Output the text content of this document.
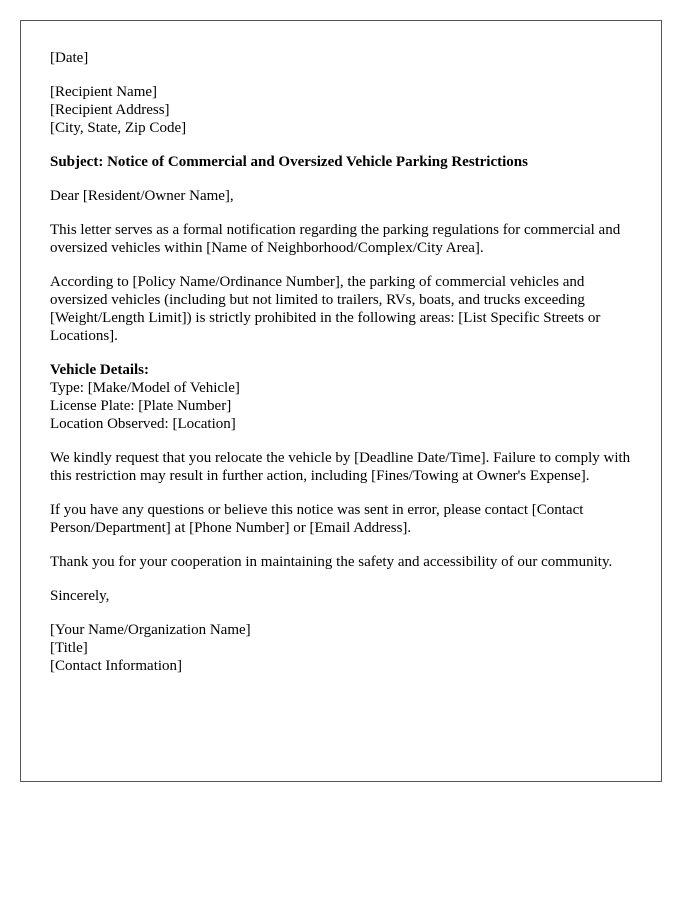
[Date]

[Recipient Name]
[Recipient Address]
[City, State, Zip Code]

Subject: Notice of Commercial and Oversized Vehicle Parking Restrictions

Dear [Resident/Owner Name],

This letter serves as a formal notification regarding the parking regulations for commercial and oversized vehicles within [Name of Neighborhood/Complex/City Area].

According to [Policy Name/Ordinance Number], the parking of commercial vehicles and oversized vehicles (including but not limited to trailers, RVs, boats, and trucks exceeding [Weight/Length Limit]) is strictly prohibited in the following areas: [List Specific Streets or Locations].

Vehicle Details:
Type: [Make/Model of Vehicle]
License Plate: [Plate Number]
Location Observed: [Location]

We kindly request that you relocate the vehicle by [Deadline Date/Time]. Failure to comply with this restriction may result in further action, including [Fines/Towing at Owner's Expense].

If you have any questions or believe this notice was sent in error, please contact [Contact Person/Department] at [Phone Number] or [Email Address].

Thank you for your cooperation in maintaining the safety and accessibility of our community.

Sincerely,

[Your Name/Organization Name]
[Title]
[Contact Information]
